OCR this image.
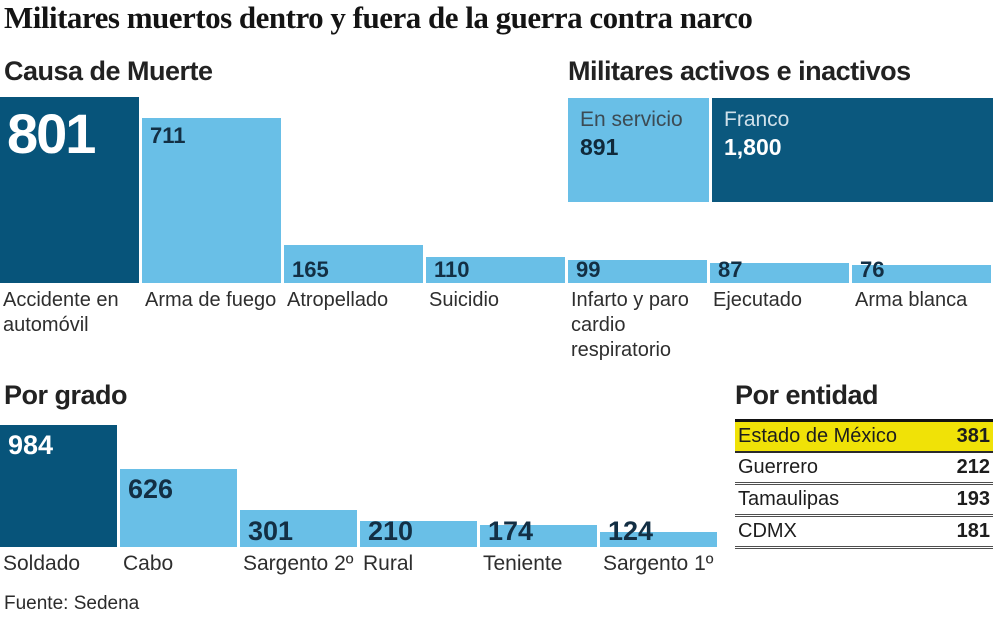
Militares muertos dentro y fuera de la guerra contra narco
Causa de Muerte	Militares activos e inactivos
801	711
165	110	99	87	76
Accidente en automóvil
Arma de fuego Atropellado	Suicidio	Infarto y paro cardio respiratorio
Ejecutado	Arma blanca
En servicio
891
Franco
1,800
Por grado
984
626
301	210	174	124
Soldado	Cabo	Sargento 2º Rural	Teniente	Sargento 1º
Por entidad
Estado de México	381
Guerrero	212
Tamaulipas	193
CDMX	181
Fuente: Sedena
